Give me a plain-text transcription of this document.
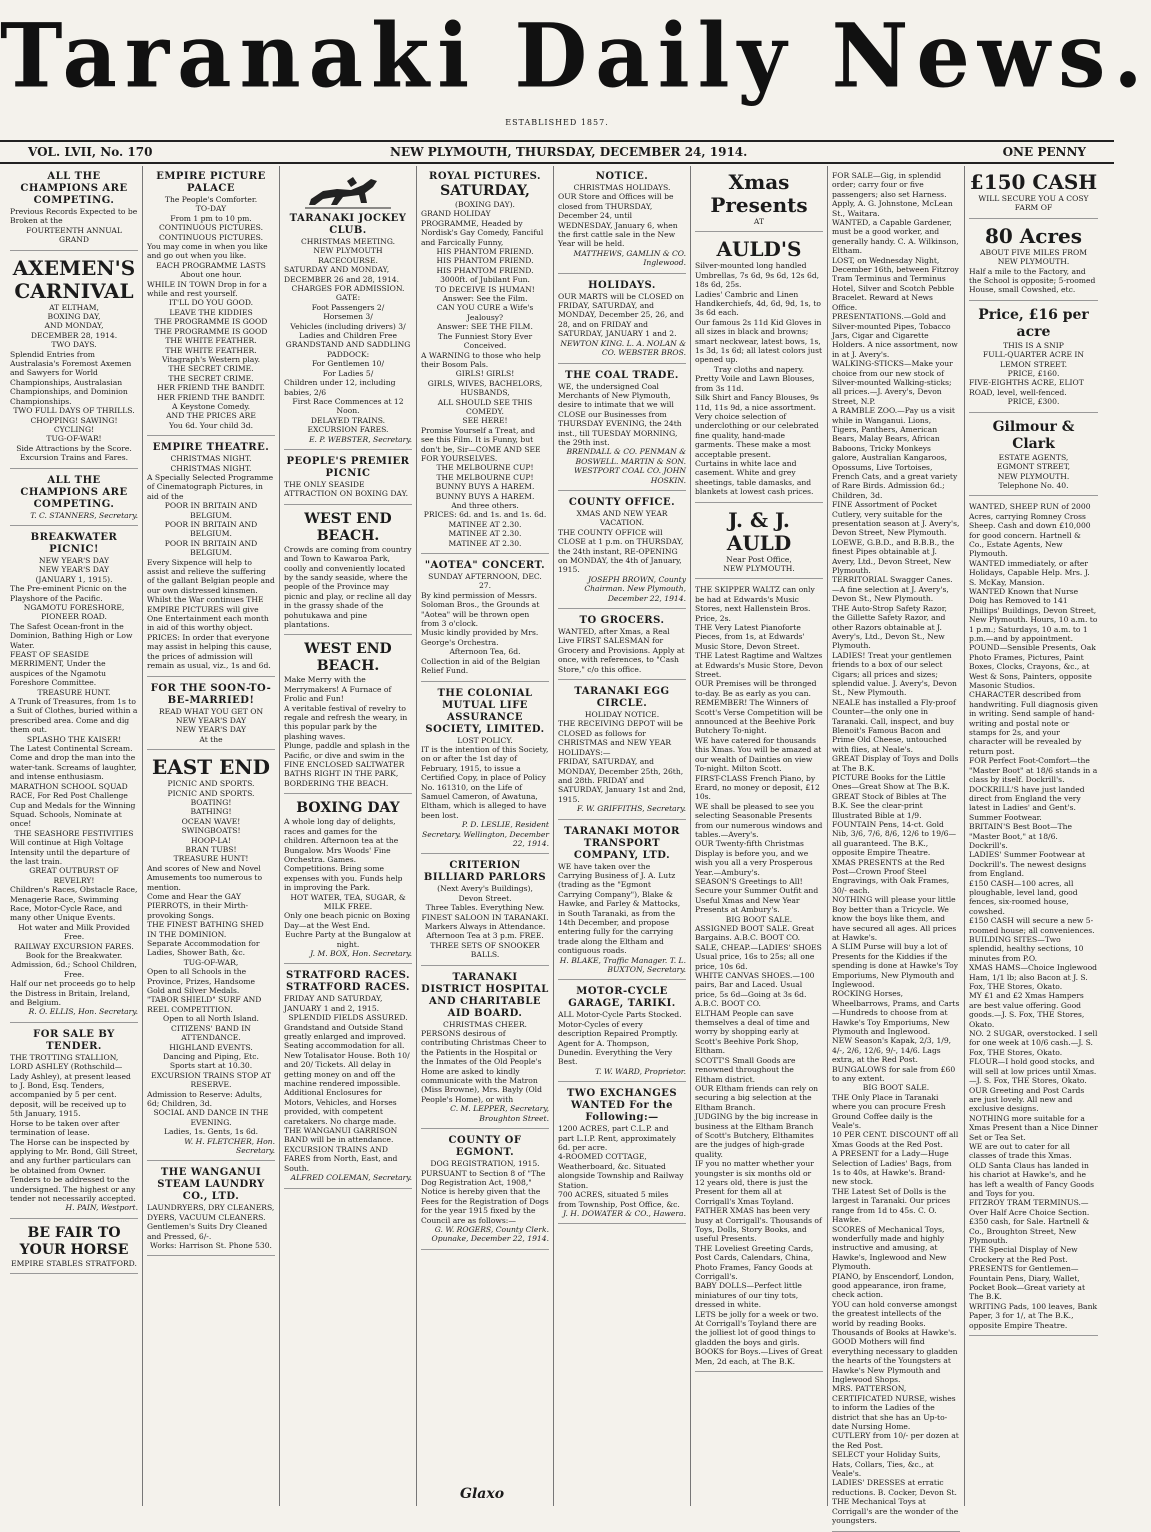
Taranaki Daily News.
ESTABLISHED 1857.
VOL. LVII, No. 170	NEW PLYMOUTH, THURSDAY, DECEMBER 24, 1914.	ONE PENNY
ALL THE CHAMPIONS ARE COMPETING.
Previous Records Expected to be Broken at the
FOURTEENTH ANNUAL GRAND
AXEMEN'S CARNIVAL
AT ELTHAM,
BOXING DAY,
AND MONDAY,
DECEMBER 28, 1914.
TWO DAYS.
Splendid Entries from Australasia's Foremost Axemen and Sawyers for World Championships, Australasian Championships, and Dominion Championships.
TWO FULL DAYS OF THRILLS.
CHOPPING! SAWING!
CYCLING!
TUG-OF-WAR!
Side Attractions by the Score.
Excursion Trains and Fares.
ALL THE CHAMPIONS ARE COMPETING.
T. C. STANNERS, Secretary.
BREAKWATER PICNIC!
NEW YEAR'S DAY
NEW YEAR'S DAY
(JANUARY 1, 1915).
The Pre-eminent Picnic on the Playshore of the Pacific.
NGAMOTU FORESHORE, PIONEER ROAD.
The Safest Ocean-front in the Dominion, Bathing High or Low Water.
FEAST OF SEASIDE MERRIMENT, Under the auspices of the Ngamotu Foreshore Committee.
TREASURE HUNT.
A Trunk of Treasures, from 1s to a Suit of Clothes, buried within a prescribed area. Come and dig them out.
SPLASHO THE KAISER!
The Latest Continental Scream. Come and drop the man into the water-tank. Screams of laughter, and intense enthusiasm.
MARATHON SCHOOL SQUAD RACE, For Red Post Challenge Cup and Medals for the Winning Squad. Schools, Nominate at once!
THE SEASHORE FESTIVITIES
Will continue at High Voltage Intensity until the departure of the last train.
GREAT OUTBURST OF REVELRY!
Children's Races, Obstacle Race, Menagerie Race, Swimming Race, Motor-Cycle Race, and many other Unique Events.
Hot water and Milk Provided Free.
RAILWAY EXCURSION FARES.
Book for the Breakwater.
Admission, 6d.; School Children, Free.
Half our net proceeds go to help the Distress in Britain, Ireland, and Belgium.
R. O. ELLIS, Hon. Secretary.
FOR SALE BY TENDER.
THE TROTTING STALLION, LORD ASHLEY (Rothschild—Lady Ashley), at present leased to J. Bond, Esq. Tenders, accompanied by 5 per cent. deposit, will be received up to 5th January, 1915.
Horse to be taken over after termination of lease.
The Horse can be inspected by applying to Mr. Bond, Gill Street, and any further particulars can be obtained from Owner.
Tenders to be addressed to the undersigned. The highest or any tender not necessarily accepted.
H. PAIN, Westport.
BE FAIR TO YOUR HORSE
EMPIRE STABLES STRATFORD.
EMPIRE PICTURE PALACE
The People's Comforter.
TO-DAY
From 1 pm to 10 pm.
CONTINUOUS PICTURES.
CONTINUOUS PICTURES.
You may come in when you like and go out when you like.
EACH PROGRAMME LASTS About one hour.
WHILE IN TOWN Drop in for a while and rest yourself.
IT'LL DO YOU GOOD.
LEAVE THE KIDDIES
THE PROGRAMME IS GOOD
THE PROGRAMME IS GOOD
THE WHITE FEATHER.
THE WHITE FEATHER.
Vitagraph's Western play.
THE SECRET CRIME.
THE SECRET CRIME.
HER FRIEND THE BANDIT.
HER FRIEND THE BANDIT.
A Keystone Comedy.
AND THE PRICES ARE
You 6d. Your child 3d.
EMPIRE THEATRE.
CHRISTMAS NIGHT.
CHRISTMAS NIGHT.
A Specially Selected Programme of Cinematograph Pictures, in aid of the
POOR IN BRITAIN AND BELGIUM.
POOR IN BRITAIN AND BELGIUM.
POOR IN BRITAIN AND BELGIUM.
Every Sixpence will help to assist and relieve the suffering of the gallant Belgian people and our own distressed kinsmen.
Whilst the War continues THE EMPIRE PICTURES will give One Entertainment each month in aid of this worthy object.
PRICES: In order that everyone may assist in helping this cause, the prices of admission will remain as usual, viz., 1s and 6d.
FOR THE SOON-TO-BE-MARRIED!
READ WHAT YOU GET ON
NEW YEAR'S DAY
NEW YEAR'S DAY
At the
EAST END
PICNIC AND SPORTS.
PICNIC AND SPORTS.
BOATING!
BATHING!
OCEAN WAVE!
SWINGBOATS!
HOOP-LA!
BRAN TUBS!
TREASURE HUNT!
And scores of New and Novel Amusements too numerous to mention.
Come and Hear the GAY PIERROTS, in their Mirth-provoking Songs.
THE FINEST BATHING SHED IN THE DOMINION.
Separate Accommodation for Ladies, Shower Bath, &c.
TUG-OF-WAR,
Open to all Schools in the Province, Prizes, Handsome Gold and Silver Medals.
"TABOR SHIELD" SURF AND REEL COMPETITION.
Open to all North Island.
CITIZENS' BAND IN ATTENDANCE.
HIGHLAND EVENTS.
Dancing and Piping, Etc.
Sports start at 10.30.
EXCURSION TRAINS STOP AT RESERVE.
Admission to Reserve: Adults, 6d; Children, 3d.
SOCIAL AND DANCE IN THE EVENING.
Ladies, 1s. Gents, 1s 6d.
W. H. FLETCHER, Hon. Secretary.
THE WANGANUI STEAM LAUNDRY CO., LTD.
LAUNDRYERS, DRY CLEANERS, DYERS, VACUUM CLEANERS.
Gentlemen's Suits Dry Cleaned and Pressed, 6/-.
Works: Harrison St. Phone 530.
TARANAKI JOCKEY CLUB.
CHRISTMAS MEETING.
NEW PLYMOUTH RACECOURSE.
SATURDAY AND MONDAY, DECEMBER 26 and 28, 1914.
CHARGES FOR ADMISSION.
GATE:
Foot Passengers 2/
Horsemen 3/
Vehicles (including drivers) 3/
Ladies and Children Free
GRANDSTAND AND SADDLING PADDOCK:
For Gentlemen 10/
For Ladies 5/
Children under 12, including babies, 2/6
First Race Commences at 12 Noon.
DELAYED TRAINS.
EXCURSION FARES.
E. P. WEBSTER, Secretary.
PEOPLE'S PREMIER PICNIC
THE ONLY SEASIDE ATTRACTION ON BOXING DAY.
WEST END BEACH.
Crowds are coming from country and Town to Kawaroa Park, coolly and conveniently located by the sandy seaside, where the people of the Province may picnic and play, or recline all day in the grassy shade of the pohutukawa and pine plantations.
WEST END BEACH.
Make Merry with the Merrymakers! A Furnace of Frolic and Fun!
A veritable festival of revelry to regale and refresh the weary, in this popular park by the plashing waves.
Plunge, paddle and splash in the Pacific, or dive and swim in the
FINE ENCLOSED SALTWATER BATHS RIGHT IN THE PARK, BORDERING THE BEACH.
BOXING DAY
A whole long day of delights, races and games for the children. Afternoon tea at the Bungalow. Mrs Woods' Fine Orchestra. Games. Competitions. Bring some expenses with you. Funds help in improving the Park.
HOT WATER, TEA, SUGAR, & MILK FREE.
Only one beach picnic on Boxing Day—at the West End.
Euchre Party at the Bungalow at night.
J. M. BOX, Hon. Secretary.
STRATFORD RACES. STRATFORD RACES.
FRIDAY AND SATURDAY, JANUARY 1 and 2, 1915.
SPLENDID FIELDS ASSURED.
Grandstand and Outside Stand greatly enlarged and improved. Seating accommodation for all.
New Totalisator House. Both 10/ and 20/ Tickets. All delay in getting money on and off the machine rendered impossible.
Additional Enclosures for Motors, Vehicles, and Horses provided, with competent caretakers. No charge made.
THE WANGANUI GARRISON BAND will be in attendance.
EXCURSION TRAINS AND FARES from North, East, and South.
ALFRED COLEMAN, Secretary.
ROYAL PICTURES.
SATURDAY,
(BOXING DAY).
GRAND HOLIDAY PROGRAMME, Headed by Nordisk's Gay Comedy, Fanciful and Farcically Funny,
HIS PHANTOM FRIEND.
HIS PHANTOM FRIEND.
HIS PHANTOM FRIEND.
3000ft. of Jubilant Fun.
TO DECEIVE IS HUMAN!
Answer: See the Film.
CAN YOU CURE a Wife's Jealousy?
Answer: SEE THE FILM.
The Funniest Story Ever Conceived.
A WARNING to those who help their Bosom Pals.
GIRLS! GIRLS!
GIRLS, WIVES, BACHELORS, HUSBANDS,
ALL SHOULD SEE THIS COMEDY.
SEE HERE!
Promise Yourself a Treat, and see this Film. It is Funny, but don't be, Sir—COME AND SEE FOR YOURSELVES.
THE MELBOURNE CUP!
THE MELBOURNE CUP!
BUNNY BUYS A HAREM.
BUNNY BUYS A HAREM.
And three others.
PRICES: 6d. and 1s. and 1s. 6d.
MATINEE AT 2.30.
MATINEE AT 2.30.
MATINEE AT 2.30.
"AOTEA" CONCERT.
SUNDAY AFTERNOON, DEC. 27.
By kind permission of Messrs. Soloman Bros., the Grounds at "Aotea" will be thrown open from 3 o'clock.
Music kindly provided by Mrs. George's Orchestra.
Afternoon Tea, 6d.
Collection in aid of the Belgian Relief Fund.
THE COLONIAL MUTUAL LIFE ASSURANCE SOCIETY, LIMITED.
LOST POLICY.
IT is the intention of this Society, on or after the 1st day of February, 1915, to issue a Certified Copy, in place of Policy No. 161310, on the Life of Samuel Cameron, of Awatuna, Eltham, which is alleged to have been lost.
P. D. LESLIE, Resident Secretary. Wellington, December 22, 1914.
CRITERION BILLIARD PARLORS
(Next Avery's Buildings),
Devon Street.
Three Tables. Everything New.
FINEST SALOON IN TARANAKI.
Markers Always in Attendance.
Afternoon Tea at 3 p.m. FREE.
THREE SETS OF SNOOKER BALLS.
TARANAKI DISTRICT HOSPITAL AND CHARITABLE AID BOARD.
CHRISTMAS CHEER.
PERSONS desirous of contributing Christmas Cheer to the Patients in the Hospital or the Inmates of the Old People's Home are asked to kindly communicate with the Matron (Miss Browne), Mrs. Bayly (Old People's Home), or with
C. M. LEPPER, Secretary, Broughton Street.
COUNTY OF EGMONT.
DOG REGISTRATION, 1915.
PURSUANT to Section 8 of "The Dog Registration Act, 1908," Notice is hereby given that the Fees for the Registration of Dogs for the year 1915 fixed by the Council are as follows:—
G. W. ROGERS, County Clerk. Opunake, December 22, 1914.
NOTICE.
CHRISTMAS HOLIDAYS.
OUR Store and Offices will be closed from THURSDAY, December 24, until WEDNESDAY, January 6, when the first cattle sale in the New Year will be held.
MATTHEWS, GAMLIN & CO. Inglewood.
HOLIDAYS.
OUR MARTS will be CLOSED on FRIDAY, SATURDAY, and MONDAY, December 25, 26, and 28, and on FRIDAY and SATURDAY, JANUARY 1 and 2.
NEWTON KING. L. A. NOLAN & CO. WEBSTER BROS.
THE COAL TRADE.
WE, the undersigned Coal Merchants of New Plymouth, desire to intimate that we will CLOSE our Businesses from THURSDAY EVENING, the 24th inst., till TUESDAY MORNING, the 29th inst.
BRENDALL & CO. PENMAN & BOSWELL. MARTIN & SON. WESTPORT COAL CO. JOHN HOSKIN.
COUNTY OFFICE.
XMAS AND NEW YEAR VACATION.
THE COUNTY OFFICE will CLOSE at 1 p.m. on THURSDAY, the 24th instant, RE-OPENING on MONDAY, the 4th of January, 1915.
JOSEPH BROWN, County Chairman. New Plymouth, December 22, 1914.
TO GROCERS.
WANTED, after Xmas, a Real Live FIRST SALESMAN for Grocery and Provisions. Apply at once, with references, to "Cash Store," c/o this office.
TARANAKI EGG CIRCLE.
HOLIDAY NOTICE.
THE RECEIVING DEPOT will be CLOSED as follows for CHRISTMAS and NEW YEAR HOLIDAYS:—
FRIDAY, SATURDAY, and MONDAY, December 25th, 26th, and 28th. FRIDAY and SATURDAY, January 1st and 2nd, 1915.
F. W. GRIFFITHS, Secretary.
TARANAKI MOTOR TRANSPORT COMPANY, LTD.
WE have taken over the Carrying Business of J. A. Lutz (trading as the "Egmont Carrying Company"), Blake & Hawke, and Farley & Mattocks, in South Taranaki, as from the 14th December, and propose entering fully for the carrying trade along the Eltham and contiguous roads.
H. BLAKE, Traffic Manager. T. L. BUXTON, Secretary.
MOTOR-CYCLE GARAGE, TARIKI.
ALL Motor-Cycle Parts Stocked. Motor-Cycles of every description Repaired Promptly. Agent for A. Thompson, Dunedin. Everything the Very Best.
T. W. WARD, Proprietor.
TWO EXCHANGES WANTED For the Following:—
1200 ACRES, part C.L.P. and part L.I.P. Rent, approximately 6d. per acre.
4-ROOMED COTTAGE, Weatherboard, &c. Situated alongside Township and Railway Station.
700 ACRES, situated 5 miles from Township, Post Office, &c.
J. H. DOWATER & CO., Hawera.
Xmas Presents
AT
AULD'S
Silver-mounted long handled Umbrellas, 7s 6d, 9s 6d, 12s 6d, 18s 6d, 25s.
Ladies' Cambric and Linen Handkerchiefs, 4d, 6d, 9d, 1s, to 3s 6d each.
Our famous 2s 11d Kid Gloves in all sizes in black and browns; smart neckwear, latest bows, 1s, 1s 3d, 1s 6d; all latest colors just opened up.
Tray cloths and napery.
Pretty Voile and Lawn Blouses, from 3s 11d.
Silk Shirt and Fancy Blouses, 9s 11d, 11s 9d, a nice assortment.
Very choice selection of underclothing or our celebrated fine quality, hand-made garments. These make a most acceptable present.
Curtains in white lace and casement. White and grey sheetings, table damasks, and blankets at lowest cash prices.
J. & J. AULD
Near Post Office,
NEW PLYMOUTH.
THE SKIPPER WALTZ can only be had at Edwards's Music Stores, next Hallenstein Bros. Price, 2s.
THE Very Latest Pianoforte Pieces, from 1s, at Edwards' Music Store, Devon Street.
THE Latest Ragtime and Waltzes at Edwards's Music Store, Devon Street.
OUR Premises will be thronged to-day. Be as early as you can.
REMEMBER! The Winners of Scott's Verse Competition will be announced at the Beehive Pork Butchery To-night.
WE have catered for thousands this Xmas. You will be amazed at our wealth of Dainties on view To-night. Milton Scott.
FIRST-CLASS French Piano, by Erard, no money or deposit, £12 10s.
WE shall be pleased to see you selecting Seasonable Presents from our numerous windows and tables.—Avery's.
OUR Twenty-fifth Christmas Display is before you, and we wish you all a very Prosperous Year.—Ambury's.
SEASON'S Greetings to All! Secure your Summer Outfit and Useful Xmas and New Year Presents at Ambury's.
BIG BOOT SALE.
ASSIGNED BOOT SALE. Great Bargains. A.B.C. BOOT CO.
SALE, CHEAP.—LADIES' SHOES Usual price, 16s to 25s; all one price, 10s 6d.
WHITE CANVAS SHOES.—100 pairs, Bar and Laced. Usual price, 5s 6d—Going at 3s 6d. A.B.C. BOOT CO.
ELTHAM People can save themselves a deal of time and worry by shopping early at Scott's Beehive Pork Shop, Eltham.
SCOTT'S Small Goods are renowned throughout the Eltham district.
OUR Eltham friends can rely on securing a big selection at the Eltham Branch.
JUDGING by the big increase in business at the Eltham Branch of Scott's Butchery, Elthamites are the judges of high-grade quality.
IF you no matter whether your youngster is six months old or 12 years old, there is just the Present for them all at Corrigall's Xmas Toyland.
FATHER XMAS has been very busy at Corrigall's. Thousands of Toys, Dolls, Story Books, and useful Presents.
THE Loveliest Greeting Cards, Post Cards, Calendars, China, Photo Frames, Fancy Goods at Corrigall's.
BABY DOLLS—Perfect little miniatures of our tiny tots, dressed in white.
LETS be jolly for a week or two. At Corrigall's Toyland there are the jolliest lot of good things to gladden the boys and girls.
BOOKS for Boys.—Lives of Great Men, 2d each, at The B.K.
FOR SALE—Gig, in splendid order; carry four or five passengers; also set Harness. Apply, A. G. Johnstone, McLean St., Waitara.
WANTED, a Capable Gardener, must be a good worker, and generally handy. C. A. Wilkinson, Eltham.
LOST, on Wednesday Night, December 16th, between Fitzroy Tram Terminus and Terminus Hotel, Silver and Scotch Pebble Bracelet. Reward at News Office.
PRESENTATIONS.—Gold and Silver-mounted Pipes, Tobacco Jars, Cigar and Cigarette Holders. A nice assortment, now in at J. Avery's.
WALKING-STICKS—Make your choice from our new stock of Silver-mounted Walking-sticks; all prices.—J. Avery's, Devon Street, N.P.
A RAMBLE ZOO.—Pay us a visit while in Wanganui. Lions, Tigers, Panthers, American Bears, Malay Bears, African Baboons, Tricky Monkeys galore, Australian Kangaroos, Opossums, Live Tortoises, French Cats, and a great variety of Rare Birds. Admission 6d.; Children, 3d.
FINE Assortment of Pocket Cutlery, very suitable for the presentation season at J. Avery's, Devon Street, New Plymouth.
LOEWE, G.B.D., and B.B.B., the finest Pipes obtainable at J. Avery, Ltd., Devon Street, New Plymouth.
TERRITORIAL Swagger Canes.—A fine selection at J. Avery's, Devon St., New Plymouth.
THE Auto-Strop Safety Razor, the Gillette Safety Razor, and other Razors obtainable at J. Avery's, Ltd., Devon St., New Plymouth.
LADIES! Treat your gentlemen friends to a box of our select Cigars; all prices and sizes; splendid value. J. Avery's, Devon St., New Plymouth.
NEALE has installed a Fly-proof Counter—the only one in Taranaki. Call, inspect, and buy Blenoit's Famous Bacon and Prime Old Cheese, untouched with flies, at Neale's.
GREAT Display of Toys and Dolls at The B.K.
PICTURE Books for the Little Ones—Great Show at The B.K.
GREAT Stock of Bibles at The B.K. See the clear-print Illustrated Bible at 1/9.
FOUNTAIN Pens, 14-ct. Gold Nib, 3/6, 7/6, 8/6, 12/6 to 19/6—all guaranteed. The B.K., opposite Empire Theatre.
XMAS PRESENTS at the Red Post—Crown Proof Steel Engravings, with Oak Frames, 30/- each.
NOTHING will please your little Boy better than a Tricycle. We know the boys like them, and have secured all ages. All prices at Hawke's.
A SLIM Purse will buy a lot of Presents for the Kiddies if the spending is done at Hawke's Toy Emporiums, New Plymouth and Inglewood.
ROCKING Horses, Wheelbarrows, Prams, and Carts—Hundreds to choose from at Hawke's Toy Emporiums, New Plymouth and Inglewood.
NEW Season's Kapak, 2/3, 1/9, 4/-, 2/6, 12/6, 9/-, 14/6. Lags extra, at the Red Post.
BUNGALOWS for sale from £60 to any extent.
BIG BOOT SALE.
THE Only Place in Taranaki where you can procure Fresh Ground Coffee daily is the Veale's.
10 PER CENT. DISCOUNT off all Xmas Goods at the Red Post.
A PRESENT for a Lady—Huge Selection of Ladies' Bags, from 1s to 40s, at Hawke's. Brand-new stock.
THE Latest Set of Dolls is the largest in Taranaki. Our prices range from 1d to 45s. C. O. Hawke.
SCORES of Mechanical Toys, wonderfully made and highly instructive and amusing, at Hawke's, Inglewood and New Plymouth.
PIANO, by Enscendorf, London, good appearance, iron frame, check action.
YOU can hold converse amongst the greatest intellects of the world by reading Books. Thousands of Books at Hawke's.
GOOD Mothers will find everything necessary to gladden the hearts of the Youngsters at Hawke's New Plymouth and Inglewood Shops.
MRS. PATTERSON, CERTIFICATED NURSE, wishes to inform the Ladies of the district that she has an Up-to-date Nursing Home.
CUTLERY from 10/- per dozen at the Red Post.
SELECT your Holiday Suits, Hats, Collars, Ties, &c., at Veale's.
LADIES' DRESSES at erratic reductions. B. Cocker, Devon St.
THE Mechanical Toys at Corrigall's are the wonder of the youngsters.
£150 CASH
WILL SECURE YOU A COSY FARM OF
80 Acres
ABOUT FIVE MILES FROM NEW PLYMOUTH.
Half a mile to the Factory, and the School is opposite; 5-roomed House, small Cowshed, etc.
Price, £16 per acre
THIS IS A SNIP
FULL-QUARTER ACRE IN LEMON STREET.
PRICE, £160.
FIVE-EIGHTHS ACRE, ELIOT ROAD, level, well-fenced.
PRICE, £300.
Gilmour & Clark
ESTATE AGENTS,
EGMONT STREET,
NEW PLYMOUTH.
Telephone No. 40.
WANTED, SHEEP RUN of 2000 Acres, carrying Romney Cross Sheep. Cash and down £10,000 for good concern. Hartnell & Co., Estate Agents, New Plymouth.
WANTED immediately, or after Holidays, Capable Help. Mrs. J. S. McKay, Mansion.
WANTED Known that Nurse Doig has Removed to 141 Phillips' Buildings, Devon Street, New Plymouth. Hours, 10 a.m. to 1 p.m.; Saturdays, 10 a.m. to 1 p.m.—and by appointment.
POUND—Sensible Presents, Oak Photo Frames, Pictures, Paint Boxes, Clocks, Crayons, &c., at West & Sons, Painters, opposite Masonic Studios.
CHARACTER described from handwriting. Full diagnosis given in writing. Send sample of hand-writing and postal note or stamps for 2s, and your character will be revealed by return post.
FOR Perfect Foot-Comfort—the "Master Boot" at 18/6 stands in a class by itself. Dockrill's.
DOCKRILL'S have just landed direct from England the very latest in Ladies' and Gent's. Summer Footwear.
BRITAIN'S Best Boot—The "Master Boot," at 18/6. Dockrill's.
LADIES' Summer Footwear at Dockrill's. The newest designs from England.
£150 CASH—100 acres, all ploughable, level land, good fences, six-roomed house, cowshed.
£150 CASH will secure a new 5-roomed house; all conveniences.
BUILDING SITES—Two splendid, healthy sections, 10 minutes from P.O.
XMAS HAMS—Choice Inglewood Ham, 1/1 lb; also Bacon at J. S. Fox, THE Stores, Okato.
MY £1 and £2 Xmas Hampers are best value offering. Good goods.—J. S. Fox, THE Stores, Okato.
NO. 2 SUGAR, overstocked. I sell for one week at 10/6 cash.—J. S. Fox, THE Stores, Okato.
FLOUR—I hold good stocks, and will sell at low prices until Xmas.—J. S. Fox, THE Stores, Okato.
OUR Greeting and Post Cards are just lovely. All new and exclusive designs.
NOTHING more suitable for a Xmas Present than a Nice Dinner Set or Tea Set.
WE are out to cater for all classes of trade this Xmas.
OLD Santa Claus has landed in his chariot at Hawke's, and he has left a wealth of Fancy Goods and Toys for you.
FITZROY TRAM TERMINUS.—Over Half Acre Choice Section. £350 cash, for Sale. Hartnell & Co., Broughton Street, New Plymouth.
THE Special Display of New Crockery at the Red Post.
PRESENTS for Gentlemen—Fountain Pens, Diary, Wallet, Pocket Book—Great variety at The B.K.
WRITING Pads, 100 leaves, Bank Paper, 3 for 1/, at The B.K., opposite Empire Theatre.
Glaxo
